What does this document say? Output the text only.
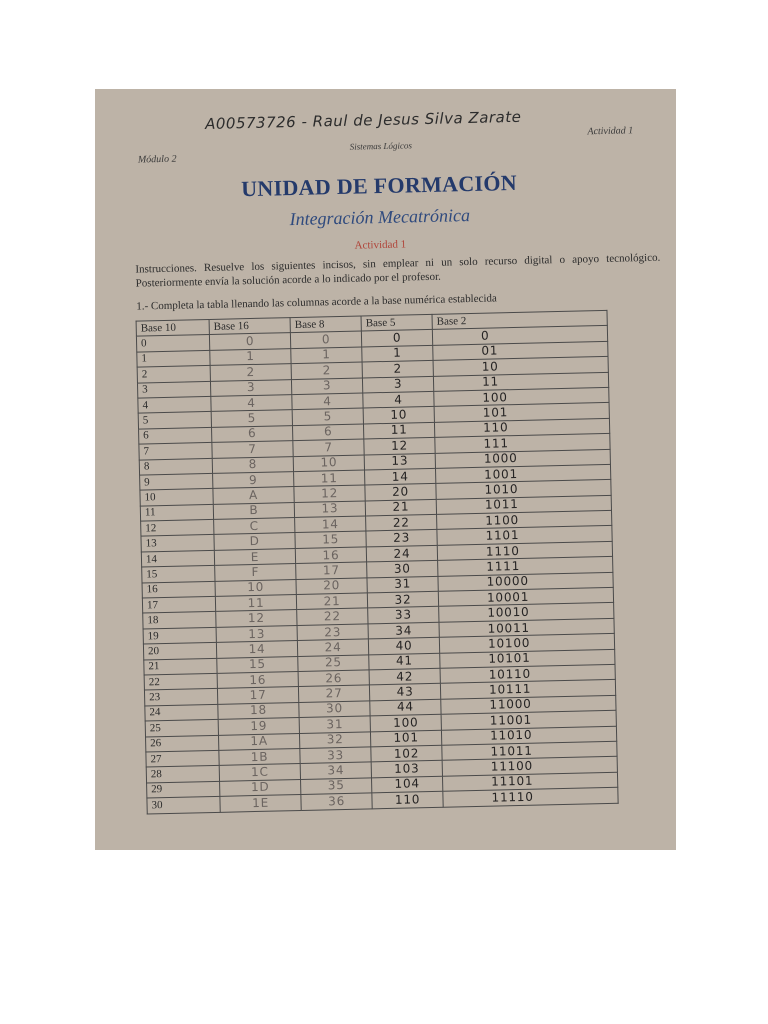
A00573726 - Raul de Jesus Silva Zarate
Módulo 2
Sistemas Lógicos
Actividad 1
UNIDAD DE FORMACIÓN
Integración Mecatrónica
Actividad 1
Instrucciones. Resuelve los siguientes incisos, sin emplear ni un solo recurso digital o apoyo tecnológico. Posteriormente envía la solución acorde a lo indicado por el profesor.
1.- Completa la tabla llenando las columnas acorde a la base numérica establecida
Base 10	Base 16	Base 8	Base 5	Base 2
0	0	0	0	0
1	1	1	1	01
2	2	2	2	10
3	3	3	3	11
4	4	4	4	100
5	5	5	10	101
6	6	6	11	110
7	7	7	12	111
8	8	10	13	1000
9	9	11	14	1001
10	A	12	20	1010
11	B	13	21	1011
12	C	14	22	1100
13	D	15	23	1101
14	E	16	24	1110
15	F	17	30	1111
16	10	20	31	10000
17	11	21	32	10001
18	12	22	33	10010
19	13	23	34	10011
20	14	24	40	10100
21	15	25	41	10101
22	16	26	42	10110
23	17	27	43	10111
24	18	30	44	11000
25	19	31	100	11001
26	1A	32	101	11010
27	1B	33	102	11011
28	1C	34	103	11100
29	1D	35	104	11101
30	1E	36	110	11110
